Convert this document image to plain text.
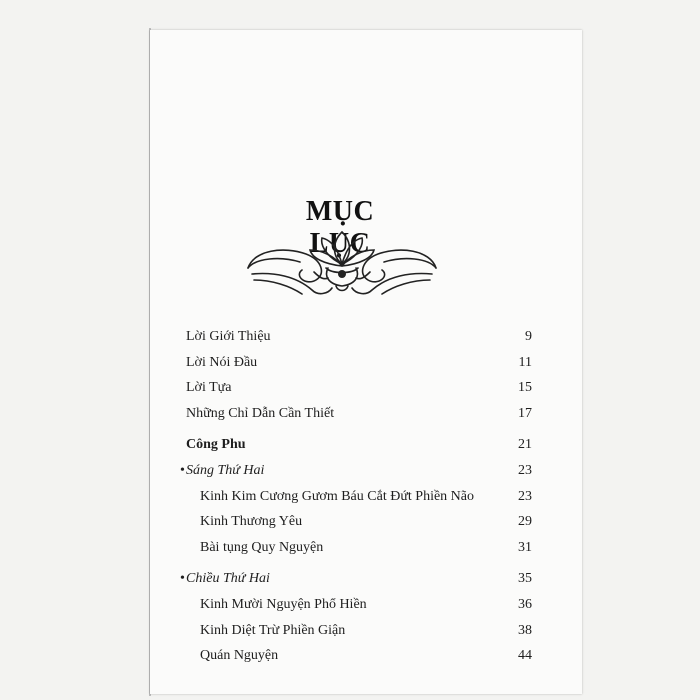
MỤC LỤC
Lời Giới Thiệu	9
Lời Nói Đầu	11
Lời Tựa	15
Những Chỉ Dẫn Cần Thiết	17
Công Phu	21
•Sáng Thứ Hai	23
Kinh Kim Cương Gươm Báu Cắt Đứt Phiền Não	23
Kinh Thương Yêu	29
Bài tụng Quy Nguyện	31
•Chiều Thứ Hai	35
Kinh Mười Nguyện Phổ Hiền	36
Kinh Diệt Trừ Phiền Giận	38
Quán Nguyện	44
